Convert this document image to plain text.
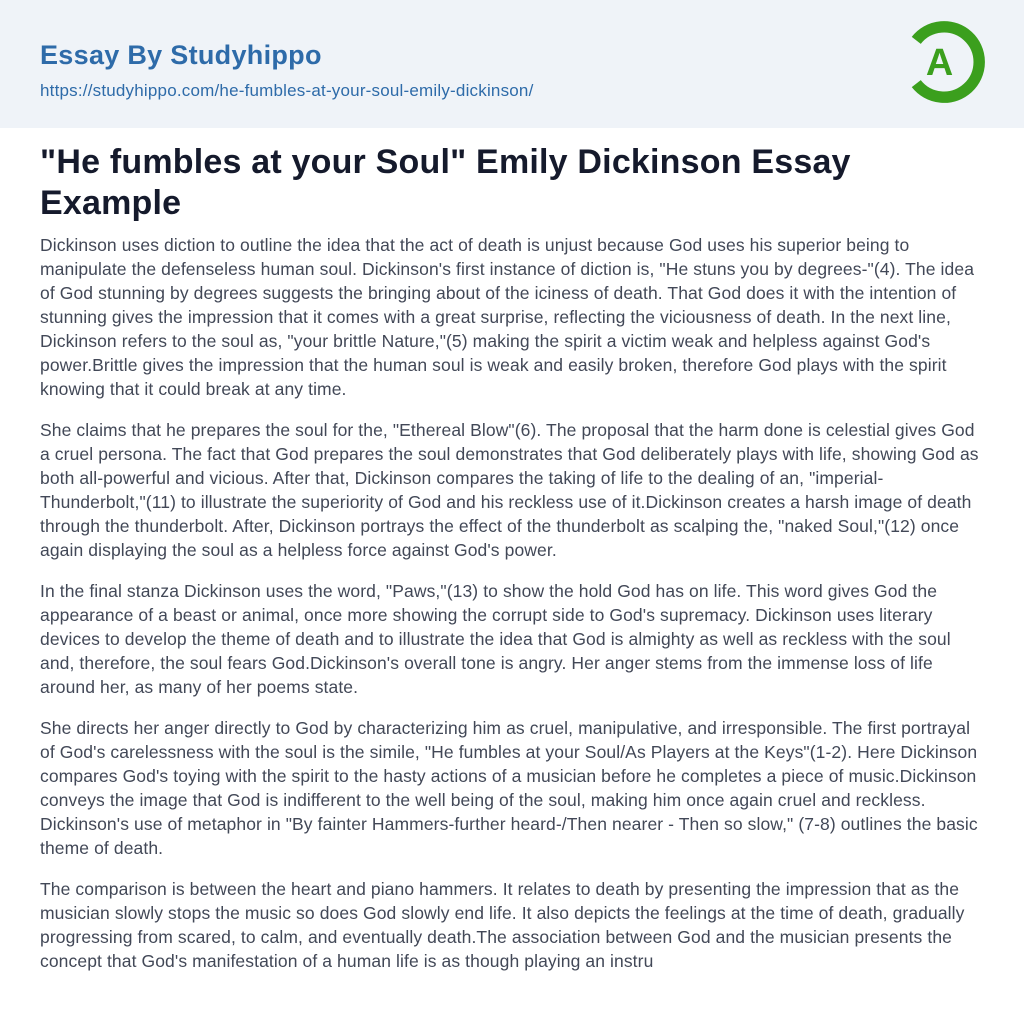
Essay By Studyhippo
https://studyhippo.com/he-fumbles-at-your-soul-emily-dickinson/
A
"He fumbles at your Soul" Emily Dickinson Essay Example

Dickinson uses diction to outline the idea that the act of death is unjust because God uses his superior being to manipulate the defenseless human soul. Dickinson's first instance of diction is, "He stuns you by degrees-"(4). The idea of God stunning by degrees suggests the bringing about of the iciness of death. That God does it with the intention of stunning gives the impression that it comes with a great surprise, reflecting the viciousness of death. In the next line, Dickinson refers to the soul as, "your brittle Nature,"(5) making the spirit a victim weak and helpless against God's power.Brittle gives the impression that the human soul is weak and easily broken, therefore God plays with the spirit knowing that it could break at any time.

She claims that he prepares the soul for the, "Ethereal Blow"(6). The proposal that the harm done is celestial gives God a cruel persona. The fact that God prepares the soul demonstrates that God deliberately plays with life, showing God as both all-powerful and vicious. After that, Dickinson compares the taking of life to the dealing of an, "imperial-Thunderbolt,"(11) to illustrate the superiority of God and his reckless use of it.Dickinson creates a harsh image of death through the thunderbolt. After, Dickinson portrays the effect of the thunderbolt as scalping the, "naked Soul,"(12) once again displaying the soul as a helpless force against God's power.

In the final stanza Dickinson uses the word, "Paws,"(13) to show the hold God has on life. This word gives God the appearance of a beast or animal, once more showing the corrupt side to God's supremacy. Dickinson uses literary devices to develop the theme of death and to illustrate the idea that God is almighty as well as reckless with the soul and, therefore, the soul fears God.Dickinson's overall tone is angry. Her anger stems from the immense loss of life around her, as many of her poems state.

She directs her anger directly to God by characterizing him as cruel, manipulative, and irresponsible. The first portrayal of God's carelessness with the soul is the simile, "He fumbles at your Soul/As Players at the Keys"(1-2). Here Dickinson compares God's toying with the spirit to the hasty actions of a musician before he completes a piece of music.Dickinson conveys the image that God is indifferent to the well being of the soul, making him once again cruel and reckless. Dickinson's use of metaphor in "By fainter Hammers-further heard-/Then nearer - Then so slow," (7-8) outlines the basic theme of death.

The comparison is between the heart and piano hammers. It relates to death by presenting the impression that as the musician slowly stops the music so does God slowly end life. It also depicts the feelings at the time of death, gradually progressing from scared, to calm, and eventually death.The association between God and the musician presents the concept that God's manifestation of a human life is as though playing an instru
